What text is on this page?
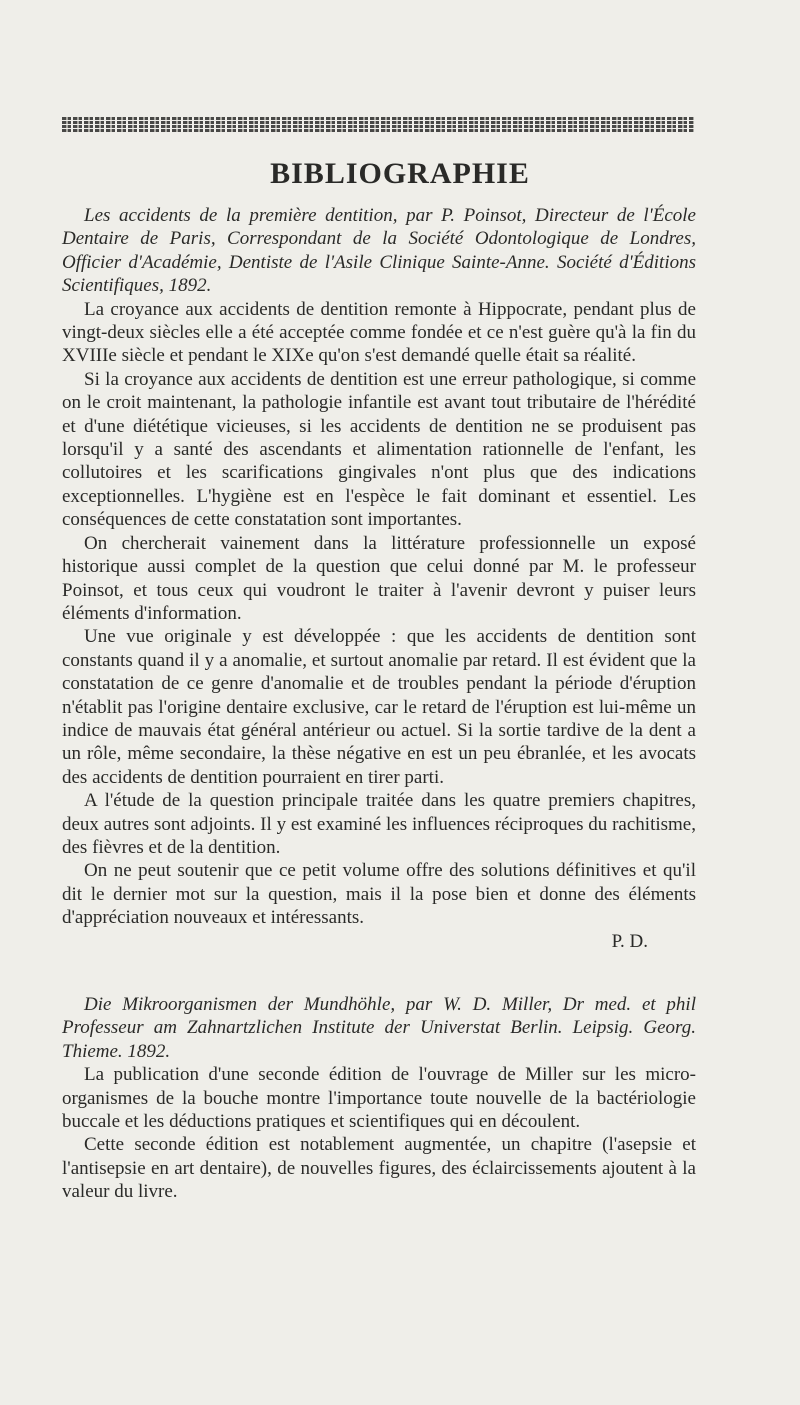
BIBLIOGRAPHIE

Les accidents de la première dentition, par P. Poinsot, Directeur de l'École Dentaire de Paris, Correspondant de la Société Odontologique de Londres, Officier d'Académie, Dentiste de l'Asile Clinique Sainte-Anne. Société d'Éditions Scientifiques, 1892.

La croyance aux accidents de dentition remonte à Hippocrate, pendant plus de vingt-deux siècles elle a été acceptée comme fondée et ce n'est guère qu'à la fin du XVIIIe siècle et pendant le XIXe qu'on s'est demandé quelle était sa réalité.

Si la croyance aux accidents de dentition est une erreur pathologique, si comme on le croit maintenant, la pathologie infantile est avant tout tributaire de l'hérédité et d'une diététique vicieuses, si les accidents de dentition ne se produisent pas lorsqu'il y a santé des ascendants et alimentation rationnelle de l'enfant, les collutoires et les scarifications gingivales n'ont plus que des indications exceptionnelles. L'hygiène est en l'espèce le fait dominant et essentiel. Les conséquences de cette constatation sont importantes.

On chercherait vainement dans la littérature professionnelle un exposé historique aussi complet de la question que celui donné par M. le professeur Poinsot, et tous ceux qui voudront le traiter à l'avenir devront y puiser leurs éléments d'information.

Une vue originale y est développée : que les accidents de dentition sont constants quand il y a anomalie, et surtout anomalie par retard. Il est évident que la constatation de ce genre d'anomalie et de troubles pendant la période d'éruption n'établit pas l'origine dentaire exclusive, car le retard de l'éruption est lui-même un indice de mauvais état général antérieur ou actuel. Si la sortie tardive de la dent a un rôle, même secondaire, la thèse négative en est un peu ébranlée, et les avocats des accidents de dentition pourraient en tirer parti.

A l'étude de la question principale traitée dans les quatre premiers chapitres, deux autres sont adjoints. Il y est examiné les influences réciproques du rachitisme, des fièvres et de la dentition.

On ne peut soutenir que ce petit volume offre des solutions définitives et qu'il dit le dernier mot sur la question, mais il la pose bien et donne des éléments d'appréciation nouveaux et intéressants.

P. D.

Die Mikroorganismen der Mundhöhle, par W. D. Miller, Dr med. et phil Professeur am Zahnartzlichen Institute der Universtat Berlin. Leipsig. Georg. Thieme. 1892.

La publication d'une seconde édition de l'ouvrage de Miller sur les micro-organismes de la bouche montre l'importance toute nouvelle de la bactériologie buccale et les déductions pratiques et scientifiques qui en découlent.

Cette seconde édition est notablement augmentée, un chapitre (l'asepsie et l'antisepsie en art dentaire), de nouvelles figures, des éclaircissements ajoutent à la valeur du livre.
